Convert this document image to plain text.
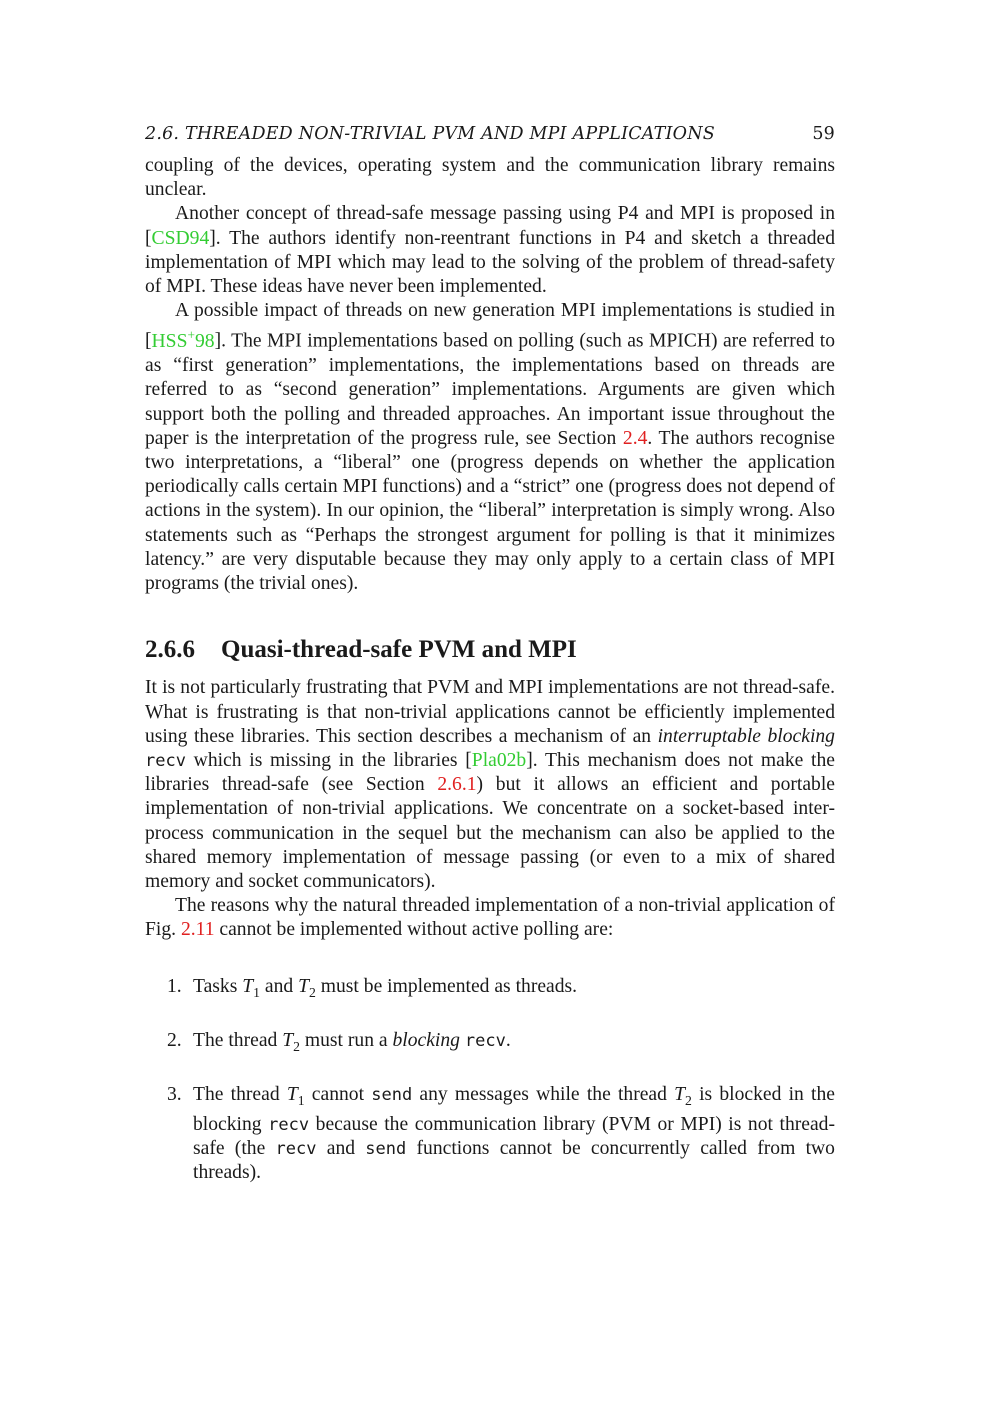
2.6. THREADED NON-TRIVIAL PVM AND MPI APPLICATIONS	59

coupling of the devices, operating system and the communication library remains unclear.

Another concept of thread-safe message passing using P4 and MPI is proposed in [CSD94]. The authors identify non-reentrant functions in P4 and sketch a threaded implementation of MPI which may lead to the solving of the problem of thread-safety of MPI. These ideas have never been implemented.

A possible impact of threads on new generation MPI implementations is studied in [HSS+98]. The MPI implementations based on polling (such as MPICH) are referred to as “first generation” implementations, the implementations based on threads are referred to as “second generation” implementations. Arguments are given which support both the polling and threaded approaches. An important issue throughout the paper is the interpretation of the progress rule, see Section 2.4. The authors recognise two interpretations, a “liberal” one (progress depends on whether the application periodically calls certain MPI functions) and a “strict” one (progress does not depend of actions in the system). In our opinion, the “liberal” interpretation is simply wrong. Also statements such as “Perhaps the strongest argument for polling is that it minimizes latency.” are very disputable because they may only apply to a certain class of MPI programs (the trivial ones).

2.6.6 Quasi-thread-safe PVM and MPI

It is not particularly frustrating that PVM and MPI implementations are not thread-safe. What is frustrating is that non-trivial applications cannot be efficiently implemented using these libraries. This section describes a mechanism of an interruptable blocking recv which is missing in the libraries [Pla02b]. This mechanism does not make the libraries thread-safe (see Section 2.6.1) but it allows an efficient and portable implementation of non-trivial applications. We concentrate on a socket-based inter-process communication in the sequel but the mechanism can also be applied to the shared memory implementation of message passing (or even to a mix of shared memory and socket communicators).

The reasons why the natural threaded implementation of a non-trivial application of Fig. 2.11 cannot be implemented without active polling are:

1. Tasks $T_1$ and $T_2$ must be implemented as threads.
2. The thread $T_2$ must run a blocking recv.
3. The thread $T_1$ cannot send any messages while the thread $T_2$ is blocked in the blocking recv because the communication library (PVM or MPI) is not thread-safe (the recv and send functions cannot be concurrently called from two threads).
